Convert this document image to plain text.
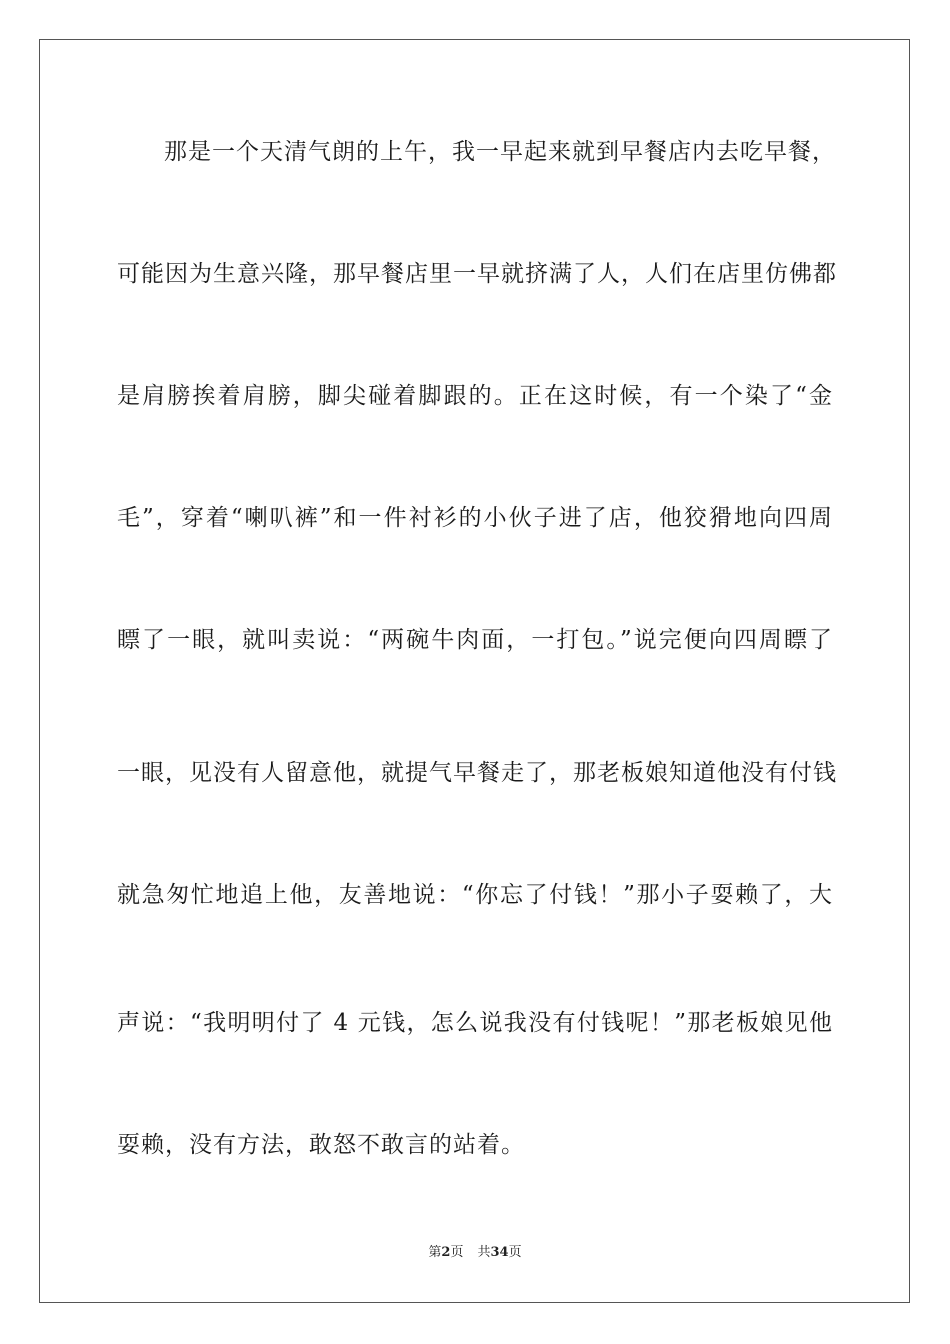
那是一个天清气朗的上午，我一早起来就到早餐店内去吃早餐，
可能因为生意兴隆，那早餐店里一早就挤满了人，人们在店里仿佛都
是肩膀挨着肩膀，脚尖碰着脚跟的。正在这时候，有一个染了“金
毛”，穿着“喇叭裤”和一件衬衫的小伙子进了店，他狡猾地向四周
瞟了一眼，就叫卖说：“两碗牛肉面，一打包。”说完便向四周瞟了
一眼，见没有人留意他，就提气早餐走了，那老板娘知道他没有付钱
就急匆忙地追上他，友善地说：“你忘了付钱！”那小子耍赖了，大
声说：“我明明付了 4 元钱，怎么说我没有付钱呢！”那老板娘见他
耍赖，没有方法，敢怒不敢言的站着。
第2页 共34页
